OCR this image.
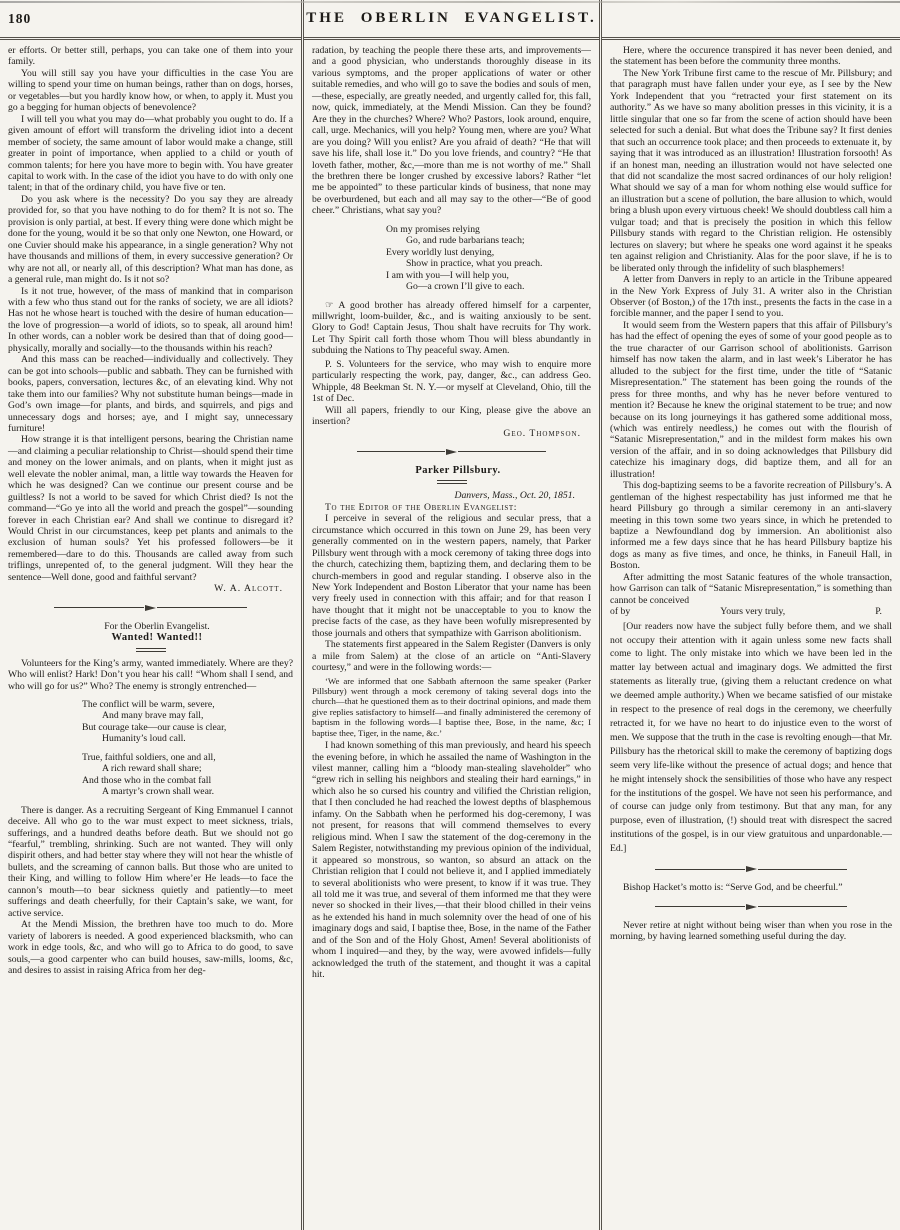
180

er efforts. Or better still, perhaps, you can take one of them into your family.

You will still say you have your difficulties in the case You are willing to spend your time on human beings, rather than on dogs, horses, or vegetables—but you hardly know how, or when, to apply it. Must you go a begging for human objects of benevolence?

I will tell you what you may do—what probably you ought to do. If a given amount of effort will transform the driveling idiot into a decent member of society, the same amount of labor would make a change, still greater in point of importance, when applied to a child or youth of common talents; for here you have more to begin with. You have greater capital to work with. In the case of the idiot you have to do with only one talent; in that of the ordinary child, you have five or ten.

Do you ask where is the necessity? Do you say they are already provided for, so that you have nothing to do for them? It is not so. The provision is only partial, at best. If every thing were done which might be done for the young, would it be so that only one Newton, one Howard, or one Cuvier should make his appearance, in a single generation? Why not have thousands and millions of them, in every successive generation? Or why are not all, or nearly all, of this description? What man has done, as a general rule, man might do. Is it not so?

Is it not true, however, of the mass of mankind that in comparison with a few who thus stand out for the ranks of society, we are all idiots? Has not he whose heart is touched with the desire of human education—the love of progression—a world of idiots, so to speak, all around him! In other words, can a nobler work be desired than that of doing good—physically, morally and socially—to the thousands within his reach?

And this mass can be reached—individually and collectively. They can be got into schools—public and sabbath. They can be furnished with books, papers, conversation, lectures &c, of an elevating kind. Why not take them into our families? Why not substitute human beings—made in God’s own image—for plants, and birds, and squirrels, and pigs and unnecessary dogs and horses; aye, and I might say, unnecessary furniture!

How strange it is that intelligent persons, bearing the Christian name—and claiming a peculiar relationship to Christ—should spend their time and money on the lower animals, and on plants, when it might just as well elevate the nobler animal, man, a little way towards the Heaven for which he was designed? Can we continue our present course and be guiltless? Is not a world to be saved for which Christ died? Is not the command—“Go ye into all the world and preach the gospel”—sounding forever in each Christian ear? And shall we continue to disregard it? Would Christ in our circumstances, keep pet plants and animals to the exclusion of human souls? Yet his professed followers—be it remembered—dare to do this. Thousands are called away from such triflings, unrepented of, to the general judgment. Will they hear the sentence—Well done, good and faithful servant?

W. A. Alcott.

For the Oberlin Evangelist.

Wanted! Wanted!!

Volunteers for the King’s army, wanted immediately. Where are they? Who will enlist? Hark! Don’t you hear his call! “Whom shall I send, and who will go for us?” Who? The enemy is strongly entrenched—

The conflict will be warm, severe,
And many brave may fall,
But courage take—our cause is clear,
Humanity’s loud call.
True, faithful soldiers, one and all,
A rich reward shall share;
And those who in the combat fall
A martyr’s crown shall wear.

There is danger. As a recruiting Sergeant of King Emmanuel I cannot deceive. All who go to the war must expect to meet sickness, trials, sufferings, and a hundred deaths before death. But we should not go “fearful,” trembling, shrinking. Such are not wanted. They will only dispirit others, and had better stay where they will not hear the whistle of bullets, and the screaming of cannon balls. But those who are united to their King, and willing to follow Him where’er He leads—to face the cannon’s mouth—to bear sickness quietly and patiently—to meet sufferings and death cheerfully, for their Captain’s sake, we want, for active service.

At the Mendi Mission, the brethren have too much to do. More variety of laborers is needed. A good experienced blacksmith, who can work in edge tools, &c, and who will go to Africa to do good, to save souls,—a good carpenter who can build houses, saw-mills, looms, &c, and desires to assist in raising Africa from her deg-

THE OBERLIN EVANGELIST.

radation, by teaching the people there these arts, and improvements—and a good physician, who understands thoroughly disease in its various symptoms, and the proper applications of water or other suitable remedies, and who will go to save the bodies and souls of men,—these, especially, are greatly needed, and urgently called for, this fall, now, quick, immediately, at the Mendi Mission. Can they be found? Are they in the churches? Where? Who? Pastors, look around, enquire, call, urge. Mechanics, will you help? Young men, where are you? What are you doing? Will you enlist? Are you afraid of death? “He that will save his life, shall lose it.” Do you love friends, and country? “He that loveth father, mother, &c,—more than me is not worthy of me.” Shall the brethren there be longer crushed by excessive labors? Rather “let me be appointed” to these particular kinds of business, that none may be overburdened, but each and all may say to the other—“Be of good cheer.” Christians, what say you?

On my promises relying
Go, and rude barbarians teach;
Every worldly lust denying,
Show in practice, what you preach.
I am with you—I will help you,
Go—a crown I’ll give to each.

☞ A good brother has already offered himself for a carpenter, millwright, loom-builder, &c., and is waiting anxiously to be sent. Glory to God! Captain Jesus, Thou shalt have recruits for Thy work. Let Thy Spirit call forth those whom Thou will bless abundantly in subduing the Nations to Thy peaceful sway. Amen.

P. S. Volunteers for the service, who may wish to enquire more particularly respecting the work, pay, danger, &c., can address Geo. Whipple, 48 Beekman St. N. Y.—or myself at Cleveland, Ohio, till the 1st of Dec.

Will all papers, friendly to our King, please give the above an insertion?

Geo. Thompson.

Parker Pillsbury.

Danvers, Mass., Oct. 20, 1851.

To the Editor of the Oberlin Evangelist:

I perceive in several of the religious and secular press, that a circumstance which occurred in this town on June 29, has been very generally commented on in the western papers, namely, that Parker Pillsbury went through with a mock ceremony of taking three dogs into the church, catechizing them, baptizing them, and declaring them to be church-members in good and regular standing. I observe also in the New York Independent and Boston Liberator that your name has been very freely used in connection with this affair; and for that reason I have thought that it might not be unacceptable to you to know the precise facts of the case, as they have been wofully misrepresented by those journals and others that sympathize with Garrison abolitionism.

The statements first appeared in the Salem Register (Danvers is only a mile from Salem) at the close of an article on “Anti-Slavery courtesy,” and were in the following words:—

‘We are informed that one Sabbath afternoon the same speaker (Parker Pillsbury) went through a mock ceremony of taking several dogs into the church—that he questioned them as to their doctrinal opinions, and made them give replies satisfactory to himself—and finally administered the ceremony of baptism in the following words—I baptise thee, Bose, in the name, &c; I baptise thee, Tiger, in the name, &c.’

I had known something of this man previously, and heard his speech the evening before, in which he assailed the name of Washington in the vilest manner, calling him a “bloody man-stealing slaveholder” who “grew rich in selling his neighbors and stealing their hard earnings,” in which also he so cursed his country and vilified the Christian religion, that I then concluded he had reached the lowest depths of blasphemous infamy. On the Sabbath when he performed his dog-ceremony, I was not present, for reasons that will commend themselves to every religious mind. When I saw the statement of the dog-ceremony in the Salem Register, notwithstanding my previous opinion of the individual, it appeared so monstrous, so wanton, so absurd an attack on the Christian religion that I could not believe it, and I applied immediately to several abolitionists who were present, to know if it was true. They all told me it was true, and several of them informed me that they were never so shocked in their lives,—that their blood chilled in their veins as he extended his hand in much solemnity over the head of one of his imaginary dogs and said, I baptise thee, Bose, in the name of the Father and of the Son and of the Holy Ghost, Amen! Several abolitionists of whom I inquired—and they, by the way, were avowed infidels—fully acknowledged the truth of the statement, and thought it was a capital hit.

Here, where the occurence transpired it has never been denied, and the statement has been before the community three months.

The New York Tribune first came to the rescue of Mr. Pillsbury; and that paragraph must have fallen under your eye, as I see by the New York Independent that you “retracted your first statement on its authority.” As we have so many abolition presses in this vicinity, it is a little singular that one so far from the scene of action should have been selected for such a denial. But what does the Tribune say? It first denies that such an occurrence took place; and then proceeds to extenuate it, by saying that it was introduced as an illustration! Illustration forsooth! As if an honest man, needing an illustration would not have selected one that did not scandalize the most sacred ordinances of our holy religion! What should we say of a man for whom nothing else would suffice for an illustration but a scene of pollution, the bare allusion to which, would bring a blush upon every virtuous cheek! We should doubtless call him a vulgar toad; and that is precisely the position in which this fellow Pillsbury stands with regard to the Christian religion. He ostensibly lectures on slavery; but where he speaks one word against it he speaks ten against religion and Christianity. Alas for the poor slave, if he is to be liberated only through the infidelity of such blasphemers!

A letter from Danvers in reply to an article in the Tribune appeared in the New York Express of July 31. A writer also in the Christian Observer (of Boston,) of the 17th inst., presents the facts in the case in a forcible manner, and the paper I send to you.

It would seem from the Western papers that this affair of Pillsbury’s has had the effect of opening the eyes of some of your good people as to the true character of our Garrison school of abolitionists. Garrison himself has now taken the alarm, and in last week’s Liberator he has alluded to the subject for the first time, under the title of “Satanic Misrepresentation.” The statement has been going the rounds of the press for three months, and why has he never before ventured to mention it? Because he knew the original statement to be true; and now because on its long journeyings it has gathered some additional moss, (which was entirely needless,) he comes out with the flourish of “Satanic Misrepresentation,” and in the mildest form makes his own version of the affair, and in so doing acknowledges that Pillsbury did catechize his imaginary dogs, did baptize them, and all for an illustration!

This dog-baptizing seems to be a favorite recreation of Pillsbury’s. A gentleman of the highest respectability has just informed me that he heard Pillsbury go through a similar ceremony in an anti-slavery meeting in this town some two years since, in which he pretended to baptize a Newfoundland dog by immersion. An abolitionist also informed me a few days since that he has heard Pillsbury baptize his dogs as many as five times, and once, he thinks, in Faneuil Hall, in Boston.

After admitting the most Satanic features of the whole transaction, how Garrison can talk of “Satanic Misrepresentation,” is something than cannot be conceived

of by	Yours very truly,	P.

[Our readers now have the subject fully before them, and we shall not occupy their attention with it again unless some new facts shall come to light. The only mistake into which we have been led in the matter lay between actual and imaginary dogs. We admitted the first statements as literally true, (giving them a reluctant credence on what we deemed ample authority.) When we became satisfied of our mistake in respect to the presence of real dogs in the ceremony, we cheerfully retracted it, for we have no heart to do injustice even to the worst of men. We suppose that the truth in the case is revolting enough—that Mr. Pillsbury has the rhetorical skill to make the ceremony of baptizing dogs seem very life-like without the presence of actual dogs; and hence that he might intensely shock the sensibilities of those who have any respect for the institutions of the gospel. We have not seen his performance, and of course can judge only from testimony. But that any man, for any purpose, even of illustration, (!) should treat with disrespect the sacred institutions of the gospel, is in our view gratuitous and unpardonable.—Ed.]

Bishop Hacket’s motto is: “Serve God, and be cheerful.”

Never retire at night without being wiser than when you rose in the morning, by having learned something useful during the day.
